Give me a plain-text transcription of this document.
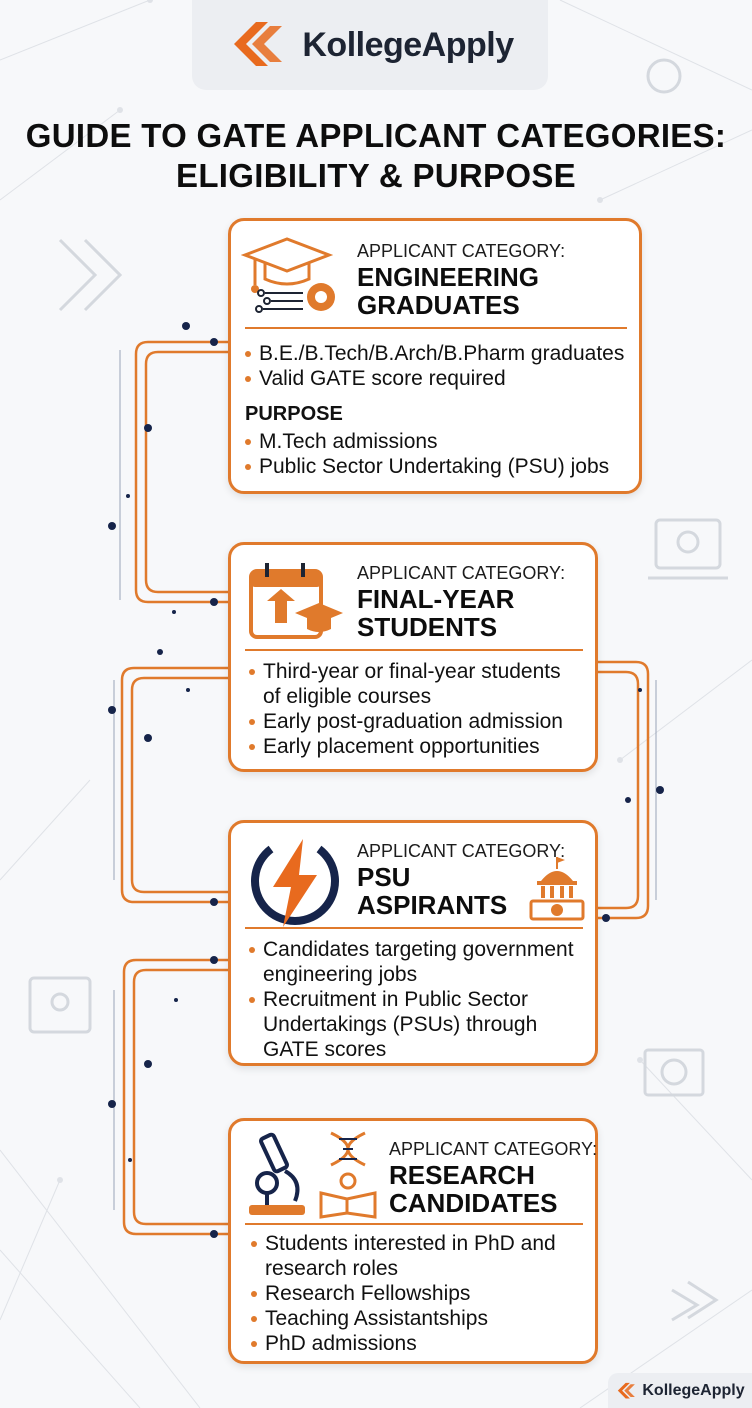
KollegeApply
GUIDE TO GATE APPLICANT CATEGORIES:
ELIGIBILITY & PURPOSE
APPLICANT CATEGORY:
ENGINEERING
GRADUATES
B.E./B.Tech/B.Arch/B.Pharm graduates
Valid GATE score required
PURPOSE
M.Tech admissions
Public Sector Undertaking (PSU) jobs
APPLICANT CATEGORY:
FINAL-YEAR
STUDENTS
Third-year or final-year students
of eligible courses
Early post-graduation admission
Early placement opportunities
APPLICANT CATEGORY:
PSU
ASPIRANTS
Candidates targeting government
engineering jobs
Recruitment in Public Sector
Undertakings (PSUs) through
GATE scores
APPLICANT CATEGORY:
RESEARCH
CANDIDATES
Students interested in PhD and
research roles
Research Fellowships
Teaching Assistantships
PhD admissions
KollegeApply
